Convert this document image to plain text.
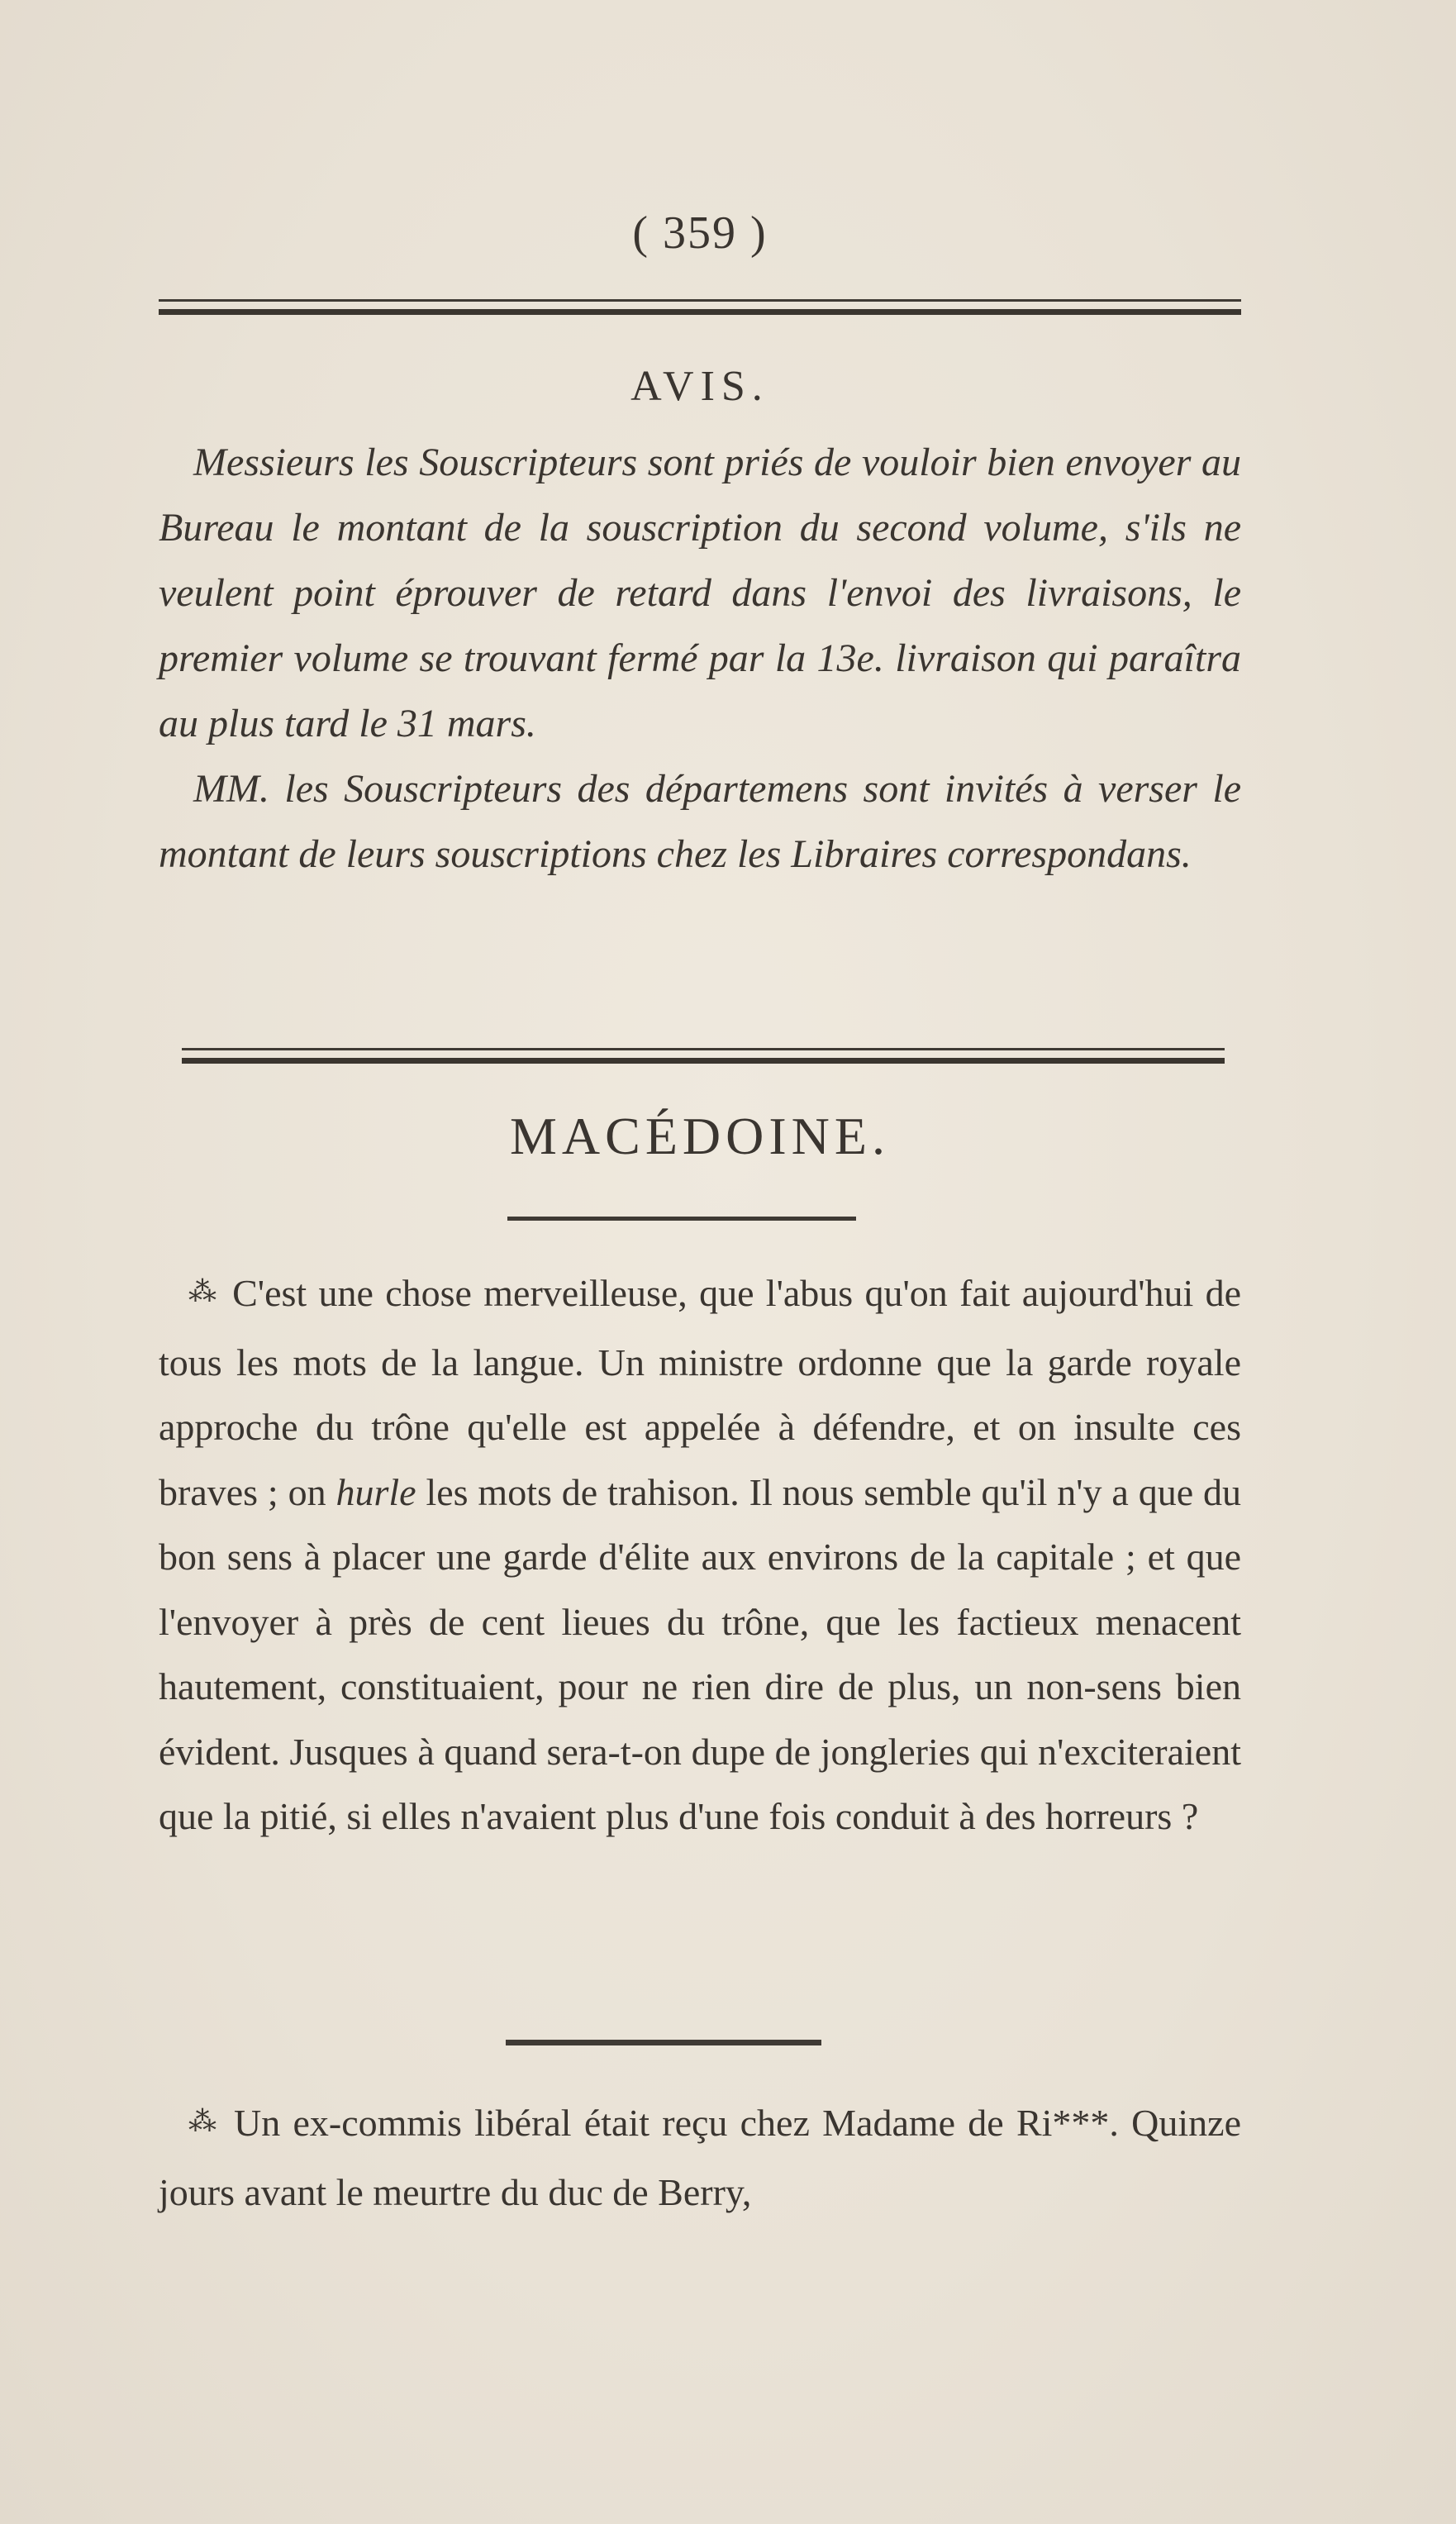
( 359 )
AVIS.

Messieurs les Souscripteurs sont priés de vouloir bien envoyer au Bureau le montant de la souscription du second volume, s'ils ne veulent point éprouver de retard dans l'envoi des livraisons, le premier volume se trouvant fermé par la 13e. livraison qui paraîtra au plus tard le 31 mars.

MM. les Souscripteurs des départemens sont invités à verser le montant de leurs souscriptions chez les Libraires correspondans.

MACÉDOINE.

⁂ C'est une chose merveilleuse, que l'abus qu'on fait aujourd'hui de tous les mots de la langue. Un ministre ordonne que la garde royale approche du trône qu'elle est appelée à défendre, et on insulte ces braves ; on hurle les mots de trahison. Il nous semble qu'il n'y a que du bon sens à placer une garde d'élite aux environs de la capitale ; et que l'envoyer à près de cent lieues du trône, que les factieux menacent hautement, constituaient, pour ne rien dire de plus, un non-sens bien évident. Jusques à quand sera-t-on dupe de jongleries qui n'exciteraient que la pitié, si elles n'avaient plus d'une fois conduit à des horreurs ?

⁂ Un ex-commis libéral était reçu chez Madame de Ri***. Quinze jours avant le meurtre du duc de Berry,
